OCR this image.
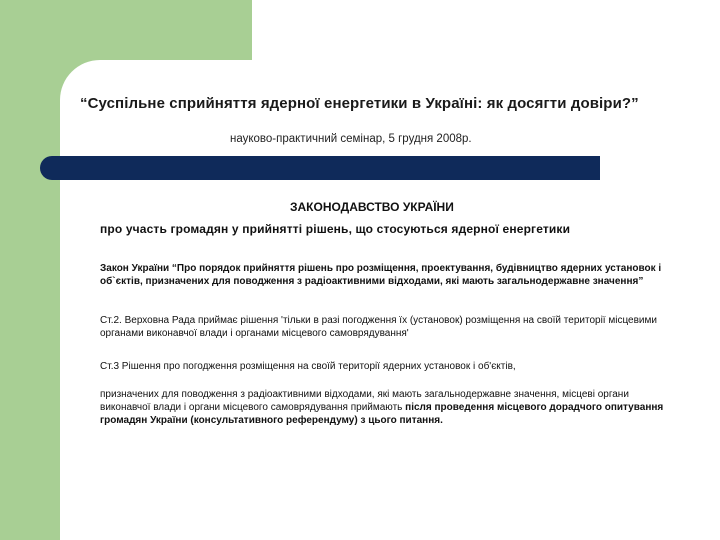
“Суспільне сприйняття ядерної енергетики в Україні: як досягти довіри?”
науково-практичний семінар, 5 грудня 2008р.
ЗАКОНОДАВСТВО УКРАЇНИ
про участь громадян у прийнятті рішень, що стосуються ядерної енергетики
Закон України “Про порядок прийняття рішень про розміщення, проектування, будівництво ядерних установок і об`єктів, призначених для поводження з радіоактивними відходами, які мають загальнодержавне значення”
Ст.2. Верховна Рада приймає рішення 'тільки в разі погодження їх (установок) розміщення на своїй території місцевими органами виконавчої влади і органами місцевого самоврядування'
Ст.3 Рішення про погодження розміщення на своїй території ядерних установок і об'єктів,
призначених для поводження з радіоактивними відходами, які мають загальнодержавне значення, місцеві органи виконавчої влади і органи місцевого самоврядування приймають після проведення місцевого дорадчого опитування громадян України (консультативного референдуму) з цього питання.
